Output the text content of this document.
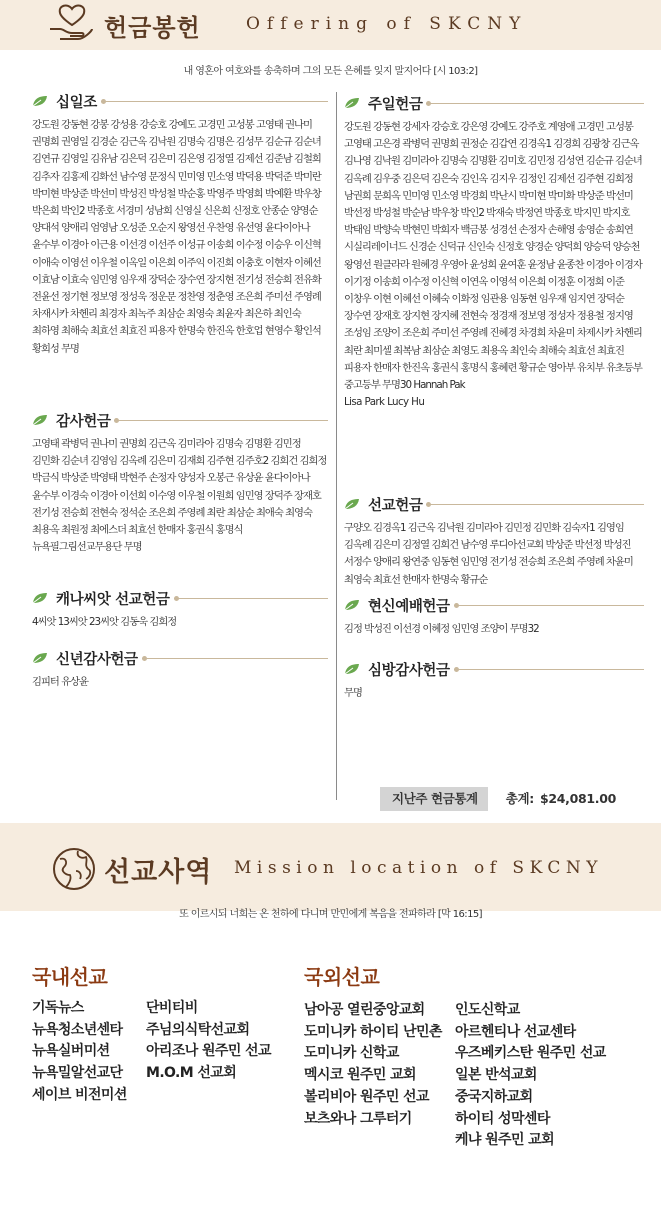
헌금봉헌	Offering of SKCNY
내 영혼아 여호와를 송축하며 그의 모든 은혜를 잊지 말지어다 [시 103:2]
십일조
강도원 강동현 강봉 강성용 강승호 강예도 고경민 고성봉 고영태 권나미 권명희 권영일 김경순 김근옥 김낙원 김명숙 김명은 김성무 김순규 김순녀 김연규 김영일 김유남 김은덕 김은미 김은영 김정열 김제선 김준남 김철희 김추자 김홍제 김화선 남수영 문정식 민미영 민소영 박덕용 박덕준 박미란 박미현 박상준 박선미 박성진 박성철 박순홍 박영주 박영희 박예환 박우창 박은희 박인2 박종호 서경미 성남희 신영실 신은희 신정호 안종순 양영순 양대석 양애리 엄영남 오성준 오순지 왕영선 우찬영 유선영 윤다이아나 윤수부 이경아 이근용 이선경 이선주 이성규 이송희 이수정 이승우 이신혁 이애숙 이영선 이우철 이옥일 이은희 이주익 이진희 이충호 이현자 이혜선 이효남 이효숙 임민영 임우재 장덕순 장수연 장지현 전기성 전승희 전유화 전윤선 정기현 정보영 정성욱 정운문 정찬영 정춘영 조은희 주미선 주영례 차재시카 차헨리 최경자 최녹주 최삼순 최영숙 최윤자 최은하 최인숙 최하영 최해숙 최효선 최효진 피용자 한명숙 한진옥 한호업 현영수 황인석 황희성 무명
감사헌금
고영태 곽병덕 권나미 권명희 김근옥 김미라아 김명숙 김명환 김민정 김민화 김순녀 김영임 김옥례 김은미 김재희 김주현 김주호2 김희건 김희정 박금식 박상준 박영태 박현주 손정자 양성자 오봉근 유상윤 윤다이아나 윤수부 이경숙 이경아 이선희 이수영 이우철 이원희 임민영 장덕주 장재호 전기성 전승희 전현숙 정석순 조은희 주영례 최란 최삼순 최애숙 최영숙 최용옥 최원정 최에스더 최효선 한매자 홍권식 홍명식 뉴욕필그림선교무용단 무명
캐나씨앗 선교헌금
4씨앗 13씨앗 23씨앗 김동욱 김희정
신년감사헌금
김피터 유상윤
주일헌금
강도원 강동현 강세자 강승호 강은영 강예도 강주호 계영애 고경민 고성봉 고영태 고은경 곽병덕 권명희 권정순 김갑연 김경옥1 김경희 김광창 김근옥 김나영 김낙원 김미라아 김명숙 김명환 김미호 김민정 김성연 김순규 김순녀 김옥례 김우중 김은덕 김은숙 김인옥 김지우 김정인 김제선 김주현 김희정 남권희 문희옥 민미영 민소영 박경희 박난시 박미현 박미화 박상준 박선미 박선정 박성철 박순남 박우창 박인2 박재숙 박정연 박종호 박지민 박지호 박태임 박향숙 박현민 박희자 백금봉 성경선 손정자 손해영 송영순 송희연 시실리레이너드 신경순 신덕규 신인숙 신정호 양경순 양덕희 양승덕 양승천 왕영선 원클라라 원혜경 우영아 윤성희 윤여훈 윤정남 윤종찬 이경아 이경자 이기정 이송희 이수정 이신혁 이연옥 이영석 이은희 이정훈 이정희 이준 이창우 이현 이혜선 이혜숙 이화정 임관용 임동현 임우재 임지연 장덕순 장수연 장재호 장지현 장지혜 전현숙 정경재 정보영 정성자 정용철 정지영 조성임 조양이 조은희 주미선 주영례 진혜경 차경희 차윤미 차제시카 차헨리 최란 최미셀 최복남 최삼순 최영도 최용옥 최인숙 최해숙 최효선 최효진 피용자 한매자 한진옥 홍권식 홍명식 홍혜련 황규순 영아부 유치부 유초등부 중고등부 무명30 Hannah Pak
Lisa Park Lucy Hu
선교헌금
구양오 김경옥1 김근옥 김낙원 김미라아 김민정 김민화 김숙자1 김영임 김옥례 김은미 김정열 김희건 남수영 루디아선교회 박상준 박선정 박성진 서정수 양애리 왕연중 임동현 임민영 전기성 전승희 조은희 주영례 차윤미 최영숙 최효선 한매자 한명숙 황규순
현신예배헌금
김정 박성진 이선경 이혜정 임민영 조양이 무명32
심방감사헌금
무명
지난주 현금통계	총계: $24,081.00
선교사역 Mission location of SKCNY
또 이르시되 너희는 온 천하에 다니며 만민에게 복음을 전파하라 [막 16:15]
국내선교
기독뉴스
뉴욕청소년센타
뉴욕실버미션
뉴욕밀알선교단
세이브 비전미션
단비티비
주님의식탁선교회
아리조나 원주민 선교
M.O.M 선교회
국외선교
남아공 열린중앙교회
도미니카 하이티 난민촌
도미니카 신학교
멕시코 원주민 교회
볼리비아 원주민 선교
보츠와나 그루터기
인도신학교
아르헨티나 선교센타
우즈베키스탄 원주민 선교
일본 반석교회
중국지하교회
하이티 성막센타
케냐 원주민 교회
